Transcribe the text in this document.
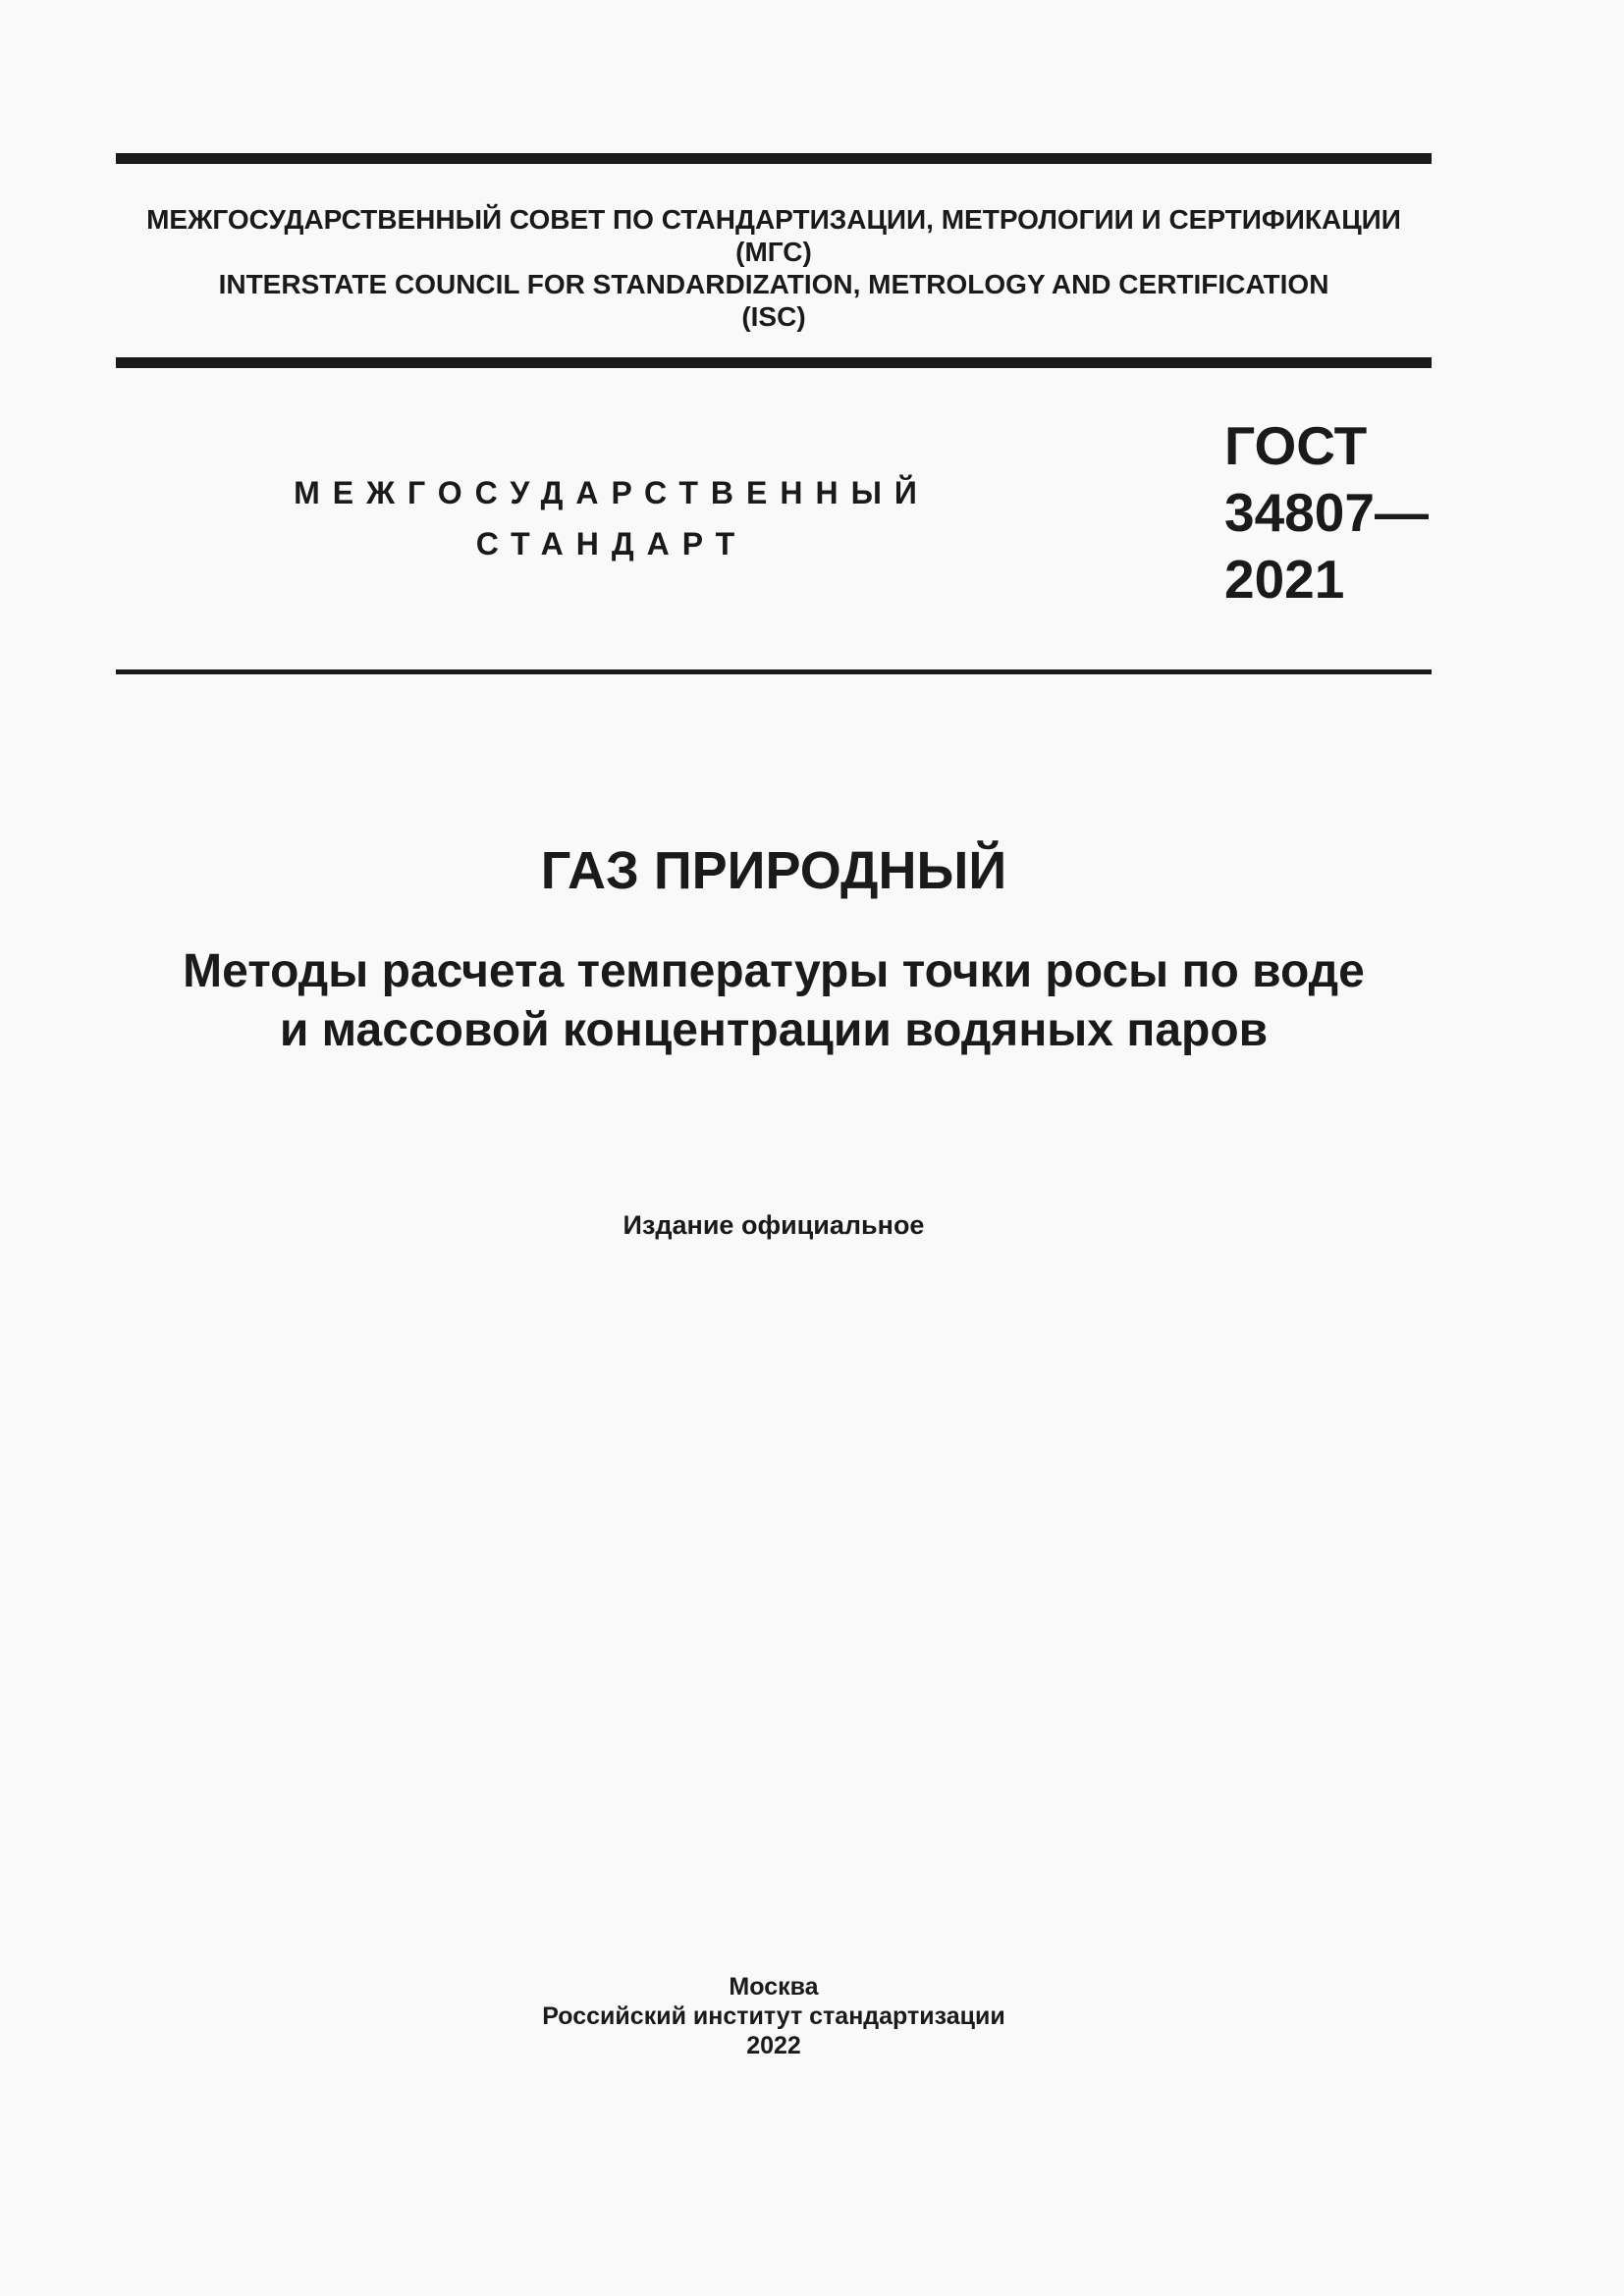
МЕЖГОСУДАРСТВЕННЫЙ СОВЕТ ПО СТАНДАРТИЗАЦИИ, МЕТРОЛОГИИ И СЕРТИФИКАЦИИ
(МГС)
INTERSTATE COUNCIL FOR STANDARDIZATION, METROLOGY AND CERTIFICATION
(ISC)
МЕЖГОСУДАРСТВЕННЫЙ
СТАНДАРТ
ГОСТ
34807—
2021
ГАЗ ПРИРОДНЫЙ
Методы расчета температуры точки росы по воде
и массовой концентрации водяных паров
Издание официальное
Москва
Российский институт стандартизации
2022
